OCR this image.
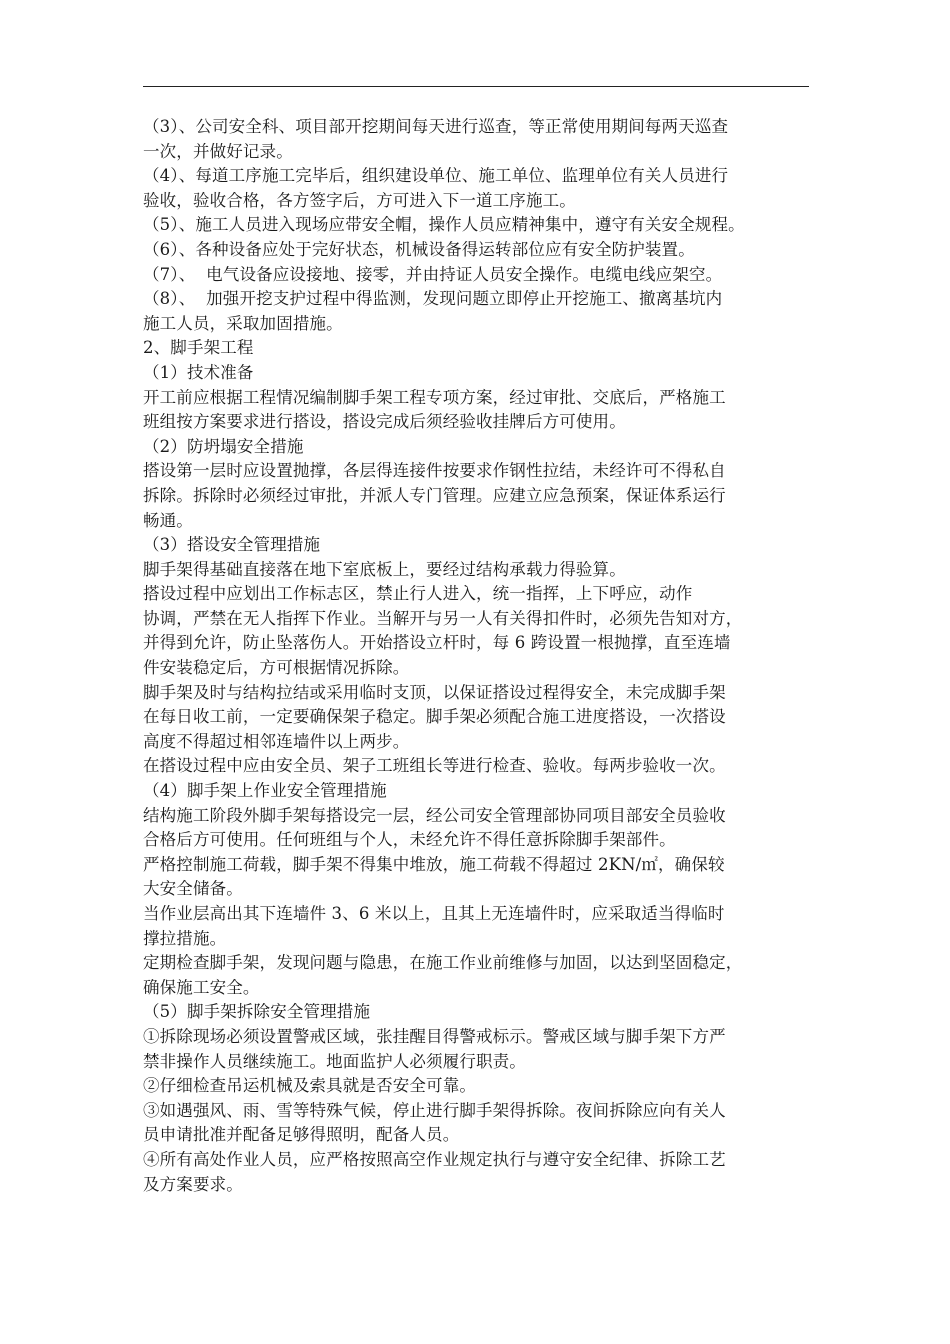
（3）、公司安全科、项目部开挖期间每天进行巡查，等正常使用期间每两天巡查
一次，并做好记录。

（4）、每道工序施工完毕后，组织建设单位、施工单位、监理单位有关人员进行
验收，验收合格，各方签字后，方可进入下一道工序施工。

（5）、施工人员进入现场应带安全帽，操作人员应精神集中，遵守有关安全规程。

（6）、各种设备应处于完好状态，机械设备得运转部位应有安全防护装置。

（7）、  电气设备应设接地、接零，并由持证人员安全操作。电缆电线应架空。

（8）、  加强开挖支护过程中得监测，发现问题立即停止开挖施工、撤离基坑内
施工人员，采取加固措施。

2、脚手架工程

（1）技术准备

开工前应根据工程情况编制脚手架工程专项方案，经过审批、交底后，严格施工
班组按方案要求进行搭设，搭设完成后须经验收挂牌后方可使用。

（2）防坍塌安全措施

搭设第一层时应设置抛撑，各层得连接件按要求作钢性拉结，未经许可不得私自
拆除。拆除时必须经过审批，并派人专门管理。应建立应急预案，保证体系运行
畅通。

（3）搭设安全管理措施

脚手架得基础直接落在地下室底板上，要经过结构承载力得验算。

搭设过程中应划出工作标志区，禁止行人进入，统一指挥，上下呼应，动作
协调，严禁在无人指挥下作业。当解开与另一人有关得扣件时，必须先告知对方，
并得到允许，防止坠落伤人。开始搭设立杆时，每 6 跨设置一根抛撑，直至连墙
件安装稳定后，方可根据情况拆除。

脚手架及时与结构拉结或采用临时支顶，以保证搭设过程得安全，未完成脚手架
在每日收工前，一定要确保架子稳定。脚手架必须配合施工进度搭设，一次搭设
高度不得超过相邻连墙件以上两步。

在搭设过程中应由安全员、架子工班组长等进行检查、验收。每两步验收一次。

（4）脚手架上作业安全管理措施

结构施工阶段外脚手架每搭设完一层，经公司安全管理部协同项目部安全员验收
合格后方可使用。任何班组与个人，未经允许不得任意拆除脚手架部件。

严格控制施工荷载，脚手架不得集中堆放，施工荷载不得超过 2KN/㎡，确保较
大安全储备。

当作业层高出其下连墙件 3、6 米以上，且其上无连墙件时，应采取适当得临时
撑拉措施。

定期检查脚手架，发现问题与隐患，在施工作业前维修与加固，以达到坚固稳定，
确保施工安全。

（5）脚手架拆除安全管理措施

①拆除现场必须设置警戒区域，张挂醒目得警戒标示。警戒区域与脚手架下方严
禁非操作人员继续施工。地面监护人必须履行职责。

②仔细检查吊运机械及索具就是否安全可靠。

③如遇强风、雨、雪等特殊气候，停止进行脚手架得拆除。夜间拆除应向有关人
员申请批准并配备足够得照明，配备人员。

④所有高处作业人员，应严格按照高空作业规定执行与遵守安全纪律、拆除工艺
及方案要求。
